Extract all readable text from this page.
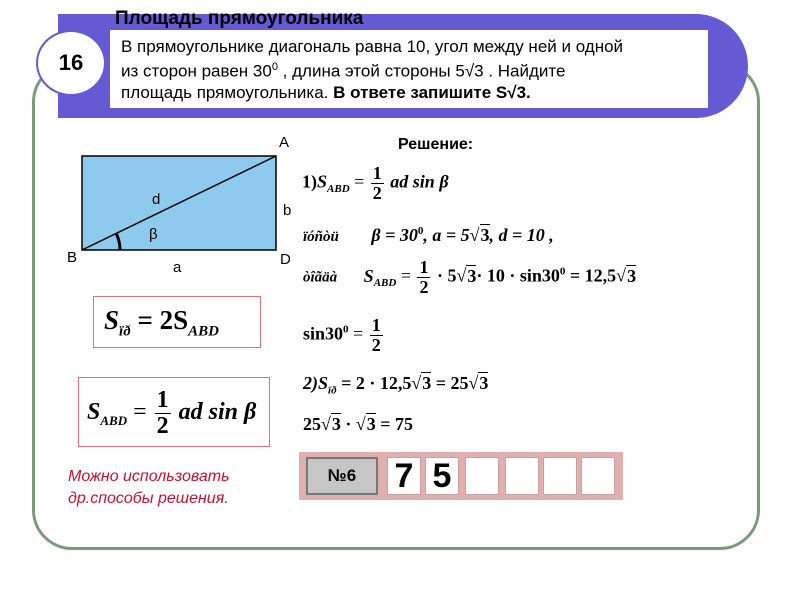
Площадь прямоугольника
16
В прямоугольнике диагональ равна 10, угол между ней и одной
из сторон равен $30^0$ , длина этой стороны 5√3 . Найдите
площадь прямоугольника. В ответе запишите S√3.
A
B	D
d
b
a
β
$S_{ïð} = 2S_{ABD}$
$S_{ABD} = \frac{1}{2}$ ad sin β
Решение:
$1)S_{ABD} = \frac{1}{2}$ ad sin β
ïóñòü $\beta = 30^0$, a = 5√3, d = 10 ,
òîãäà $S_{ABD} = \frac{1}{2} \cdot 5√3\cdot 10 \cdot \sin 30^0 = 12,5√3$
$\sin 30^0 = \frac{1}{2}$
$2)S_{ïð} = 2 \cdot 12,5√3 = 25√3$
25√3 · √3 = 75
Можно использовать
др.способы решения.
№6	7 5
